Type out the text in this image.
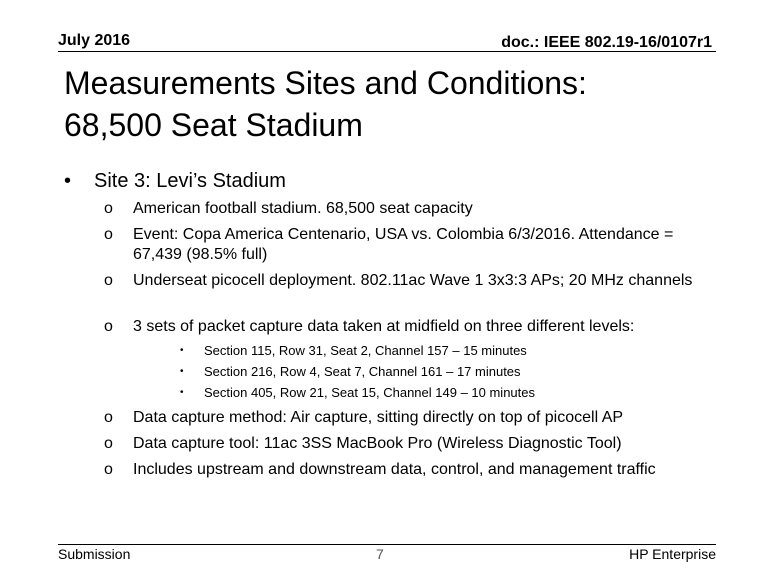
July 2016	doc.: IEEE 802.19-16/0107r1
Measurements Sites and Conditions:
68,500 Seat Stadium
• Site 3: Levi’s Stadium
o American football stadium. 68,500 seat capacity
o Event: Copa America Centenario, USA vs. Colombia 6/3/2016. Attendance = 67,439 (98.5% full)
o Underseat picocell deployment. 802.11ac Wave 1 3x3:3 APs; 20 MHz channels
o 3 sets of packet capture data taken at midfield on three different levels:
• Section 115, Row 31, Seat 2, Channel 157 – 15 minutes
• Section 216, Row 4, Seat 7, Channel 161 – 17 minutes
• Section 405, Row 21, Seat 15, Channel 149 – 10 minutes
o Data capture method: Air capture, sitting directly on top of picocell AP
o Data capture tool: 11ac 3SS MacBook Pro (Wireless Diagnostic Tool)
o Includes upstream and downstream data, control, and management traffic
Submission	7	HP Enterprise
